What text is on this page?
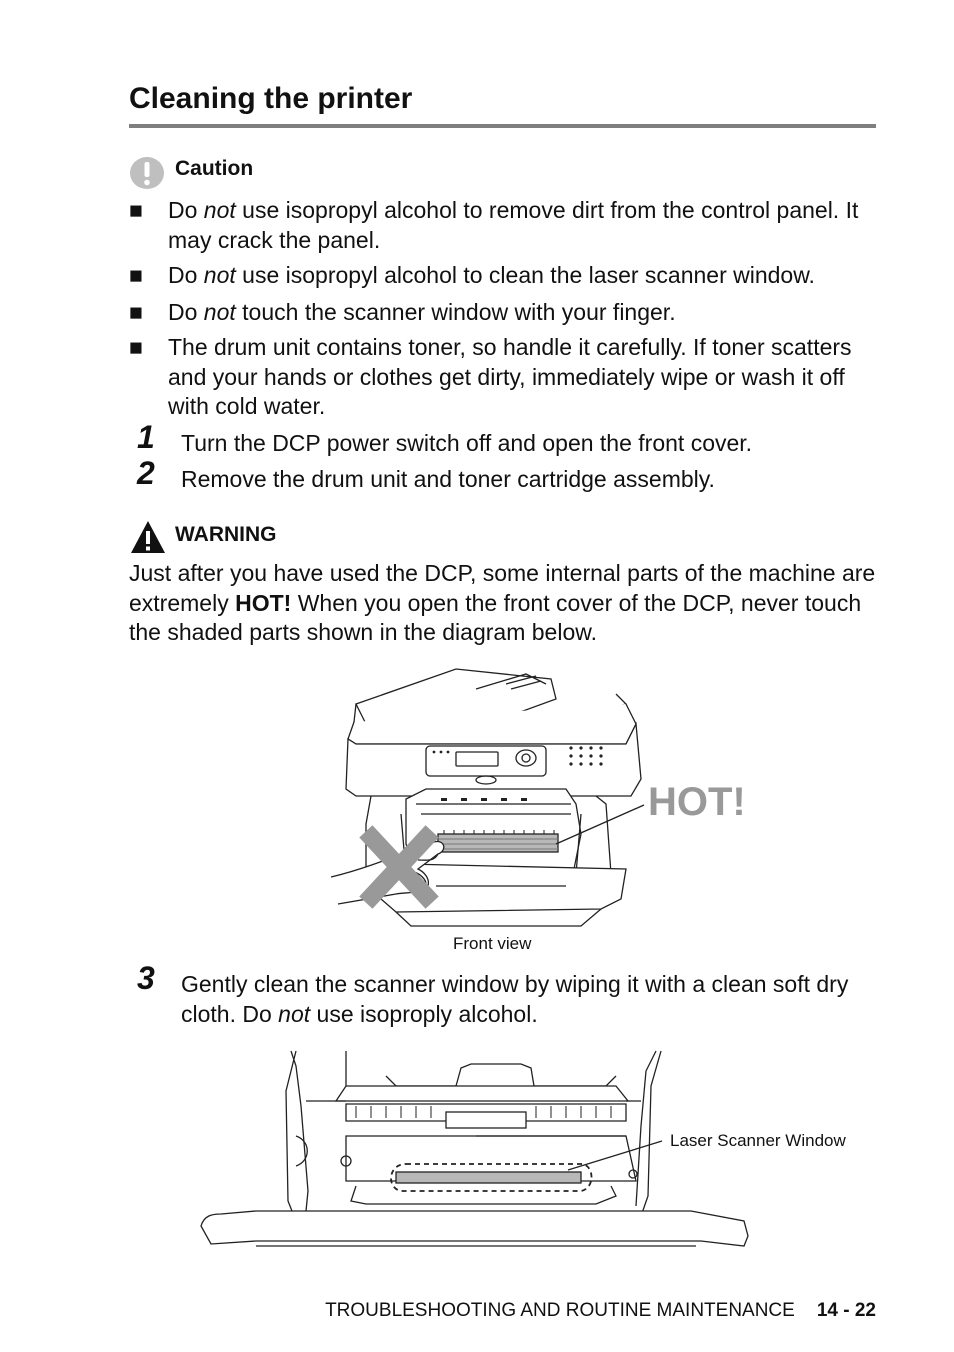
Cleaning the printer
Caution
■ Do not use isopropyl alcohol to remove dirt from the control panel. It may crack the panel.
■ Do not use isopropyl alcohol to clean the laser scanner window.
■ Do not touch the scanner window with your finger.
■ The drum unit contains toner, so handle it carefully. If toner scatters and your hands or clothes get dirty, immediately wipe or wash it off with cold water.
1 Turn the DCP power switch off and open the front cover.
2 Remove the drum unit and toner cartridge assembly.
WARNING
Just after you have used the DCP, some internal parts of the machine are extremely HOT! When you open the front cover of the DCP, never touch the shaded parts shown in the diagram below.
HOT!
Front view
3 Gently clean the scanner window by wiping it with a clean soft dry cloth. Do not use isoproply alcohol.
Laser Scanner Window
TROUBLESHOOTING AND ROUTINE MAINTENANCE 14 - 22
